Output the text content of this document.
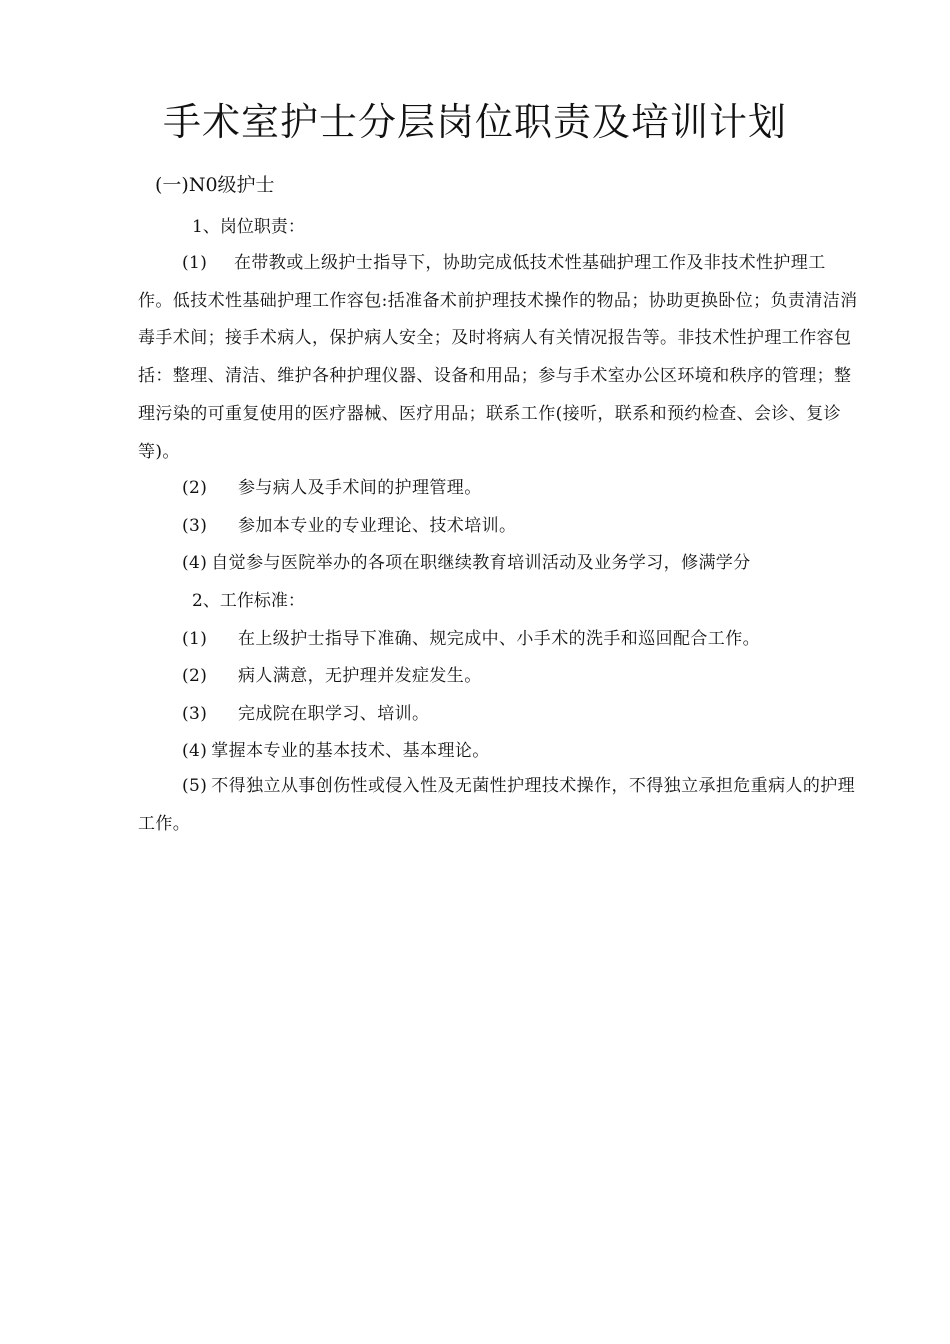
手术室护士分层岗位职责及培训计划
(一)N0级护士
1、岗位职责：
(1) 在带教或上级护士指导下，协助完成低技术性基础护理工作及非技术性护理工作。低技术性基础护理工作容包:括准备术前护理技术操作的物品；协助更换卧位；负责清洁消毒手术间；接手术病人，保护病人安全；及时将病人有关情况报告等。非技术性护理工作容包括：整理、清洁、维护各种护理仪器、设备和用品；参与手术室办公区环境和秩序的管理；整理污染的可重复使用的医疗器械、医疗用品；联系工作(接听，联系和预约检查、会诊、复诊等)。
(2) 参与病人及手术间的护理管理。
(3) 参加本专业的专业理论、技术培训。
(4) 自觉参与医院举办的各项在职继续教育培训活动及业务学习，修满学分
2、工作标准：
(1) 在上级护士指导下准确、规完成中、小手术的洗手和巡回配合工作。
(2) 病人满意，无护理并发症发生。
(3) 完成院在职学习、培训。
(4) 掌握本专业的基本技术、基本理论。
(5) 不得独立从事创伤性或侵入性及无菌性护理技术操作，不得独立承担危重病人的护理工作。
